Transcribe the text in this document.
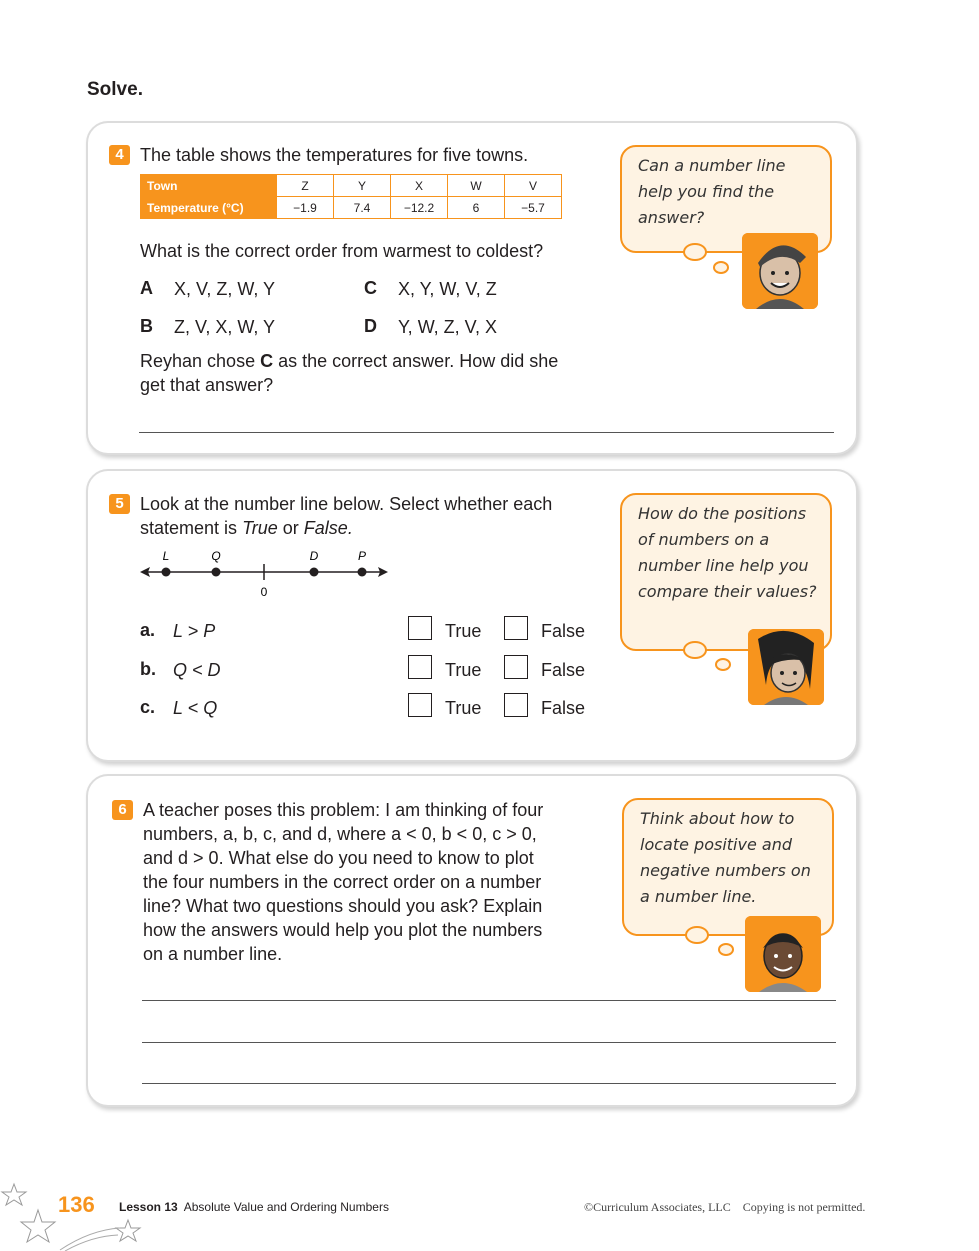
Solve.
4 The table shows the temperatures for five towns.
Town	Z	Y	X	W	V
Temperature (°C)	−1.9	7.4	−12.2	6	−5.7
What is the correct order from warmest to coldest?
A X, V, Z, W, Y	C X, Y, W, V, Z
B Z, V, X, W, Y	D Y, W, Z, V, X
Reyhan chose C as the correct answer. How did she
get that answer?
Can a number line help you find the answer?
5 Look at the number line below. Select whether each
statement is True or False.
L	Q	D	P
0
a. L > P	True	False
b. Q < D	True	False
c. L < Q	True	False
How do the positions of numbers on a number line help you compare their values?
6 A teacher poses this problem: I am thinking of four
numbers, a, b, c, and d, where a < 0, b < 0, c > 0,
and d > 0. What else do you need to know to plot
the four numbers in the correct order on a number
line? What two questions should you ask? Explain
how the answers would help you plot the numbers
on a number line.
Think about how to locate positive and negative numbers on a number line.
136 Lesson 13 Absolute Value and Ordering Numbers	©Curriculum Associates, LLC Copying is not permitted.
